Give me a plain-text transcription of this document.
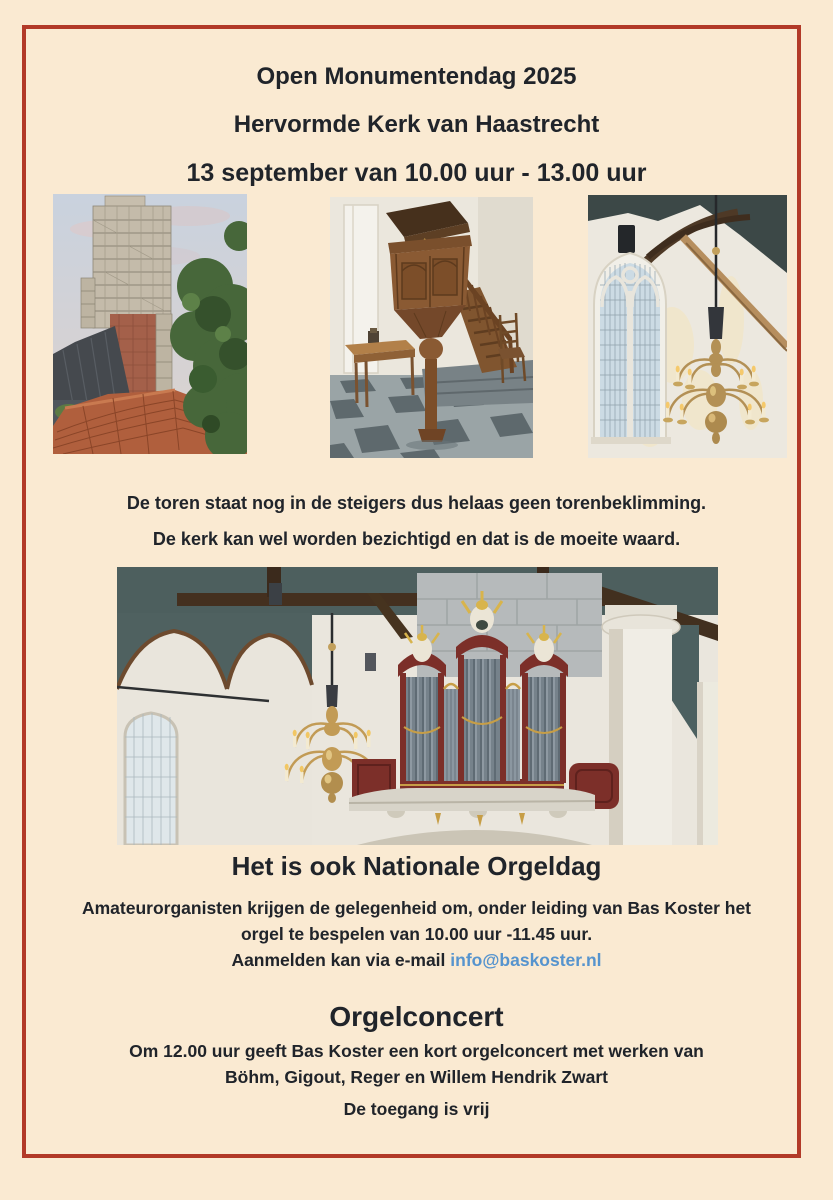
Open Monumentendag 2025

Hervormde Kerk van Haastrecht

13 september van 10.00 uur - 13.00 uur

De toren staat nog in de steigers dus helaas geen torenbeklimming.

De kerk kan wel worden bezichtigd en dat is de moeite waard.

Het is ook Nationale Orgeldag

Amateurorganisten krijgen de gelegenheid om, onder leiding van Bas Koster het

orgel te bespelen van 10.00 uur -11.45 uur.

Aanmelden kan via e-mail info@baskoster.nl

Orgelconcert

Om 12.00 uur geeft Bas Koster een kort orgelconcert met werken van

Böhm, Gigout, Reger en Willem Hendrik Zwart

De toegang is vrij
